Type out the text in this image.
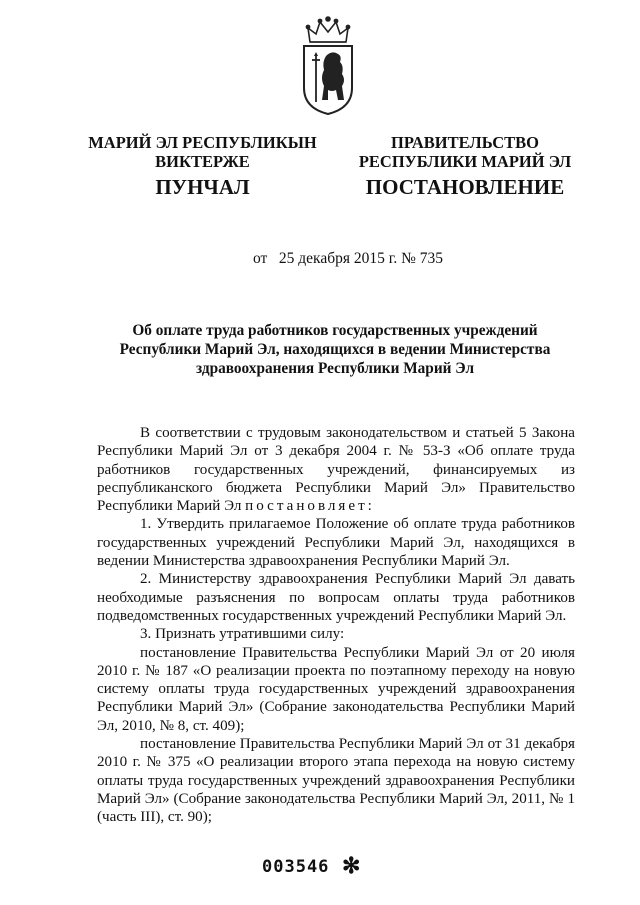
МАРИЙ ЭЛ РЕСПУБЛИКЫН
ВИКТЕРЖЕ
ПРАВИТЕЛЬСТВО
РЕСПУБЛИКИ МАРИЙ ЭЛ
ПУНЧАЛ	ПОСТАНОВЛЕНИЕ
от 25 декабря 2015 г. № 735
Об оплате труда работников государственных учреждений
Республики Марий Эл, находящихся в ведении Министерства
здравоохранения Республики Марий Эл

В соответствии с трудовым законодательством и статьей 5 Закона Республики Марий Эл от 3 декабря 2004 г. № 53-З «Об оплате труда работников государственных учреждений, финансируемых из республиканского бюджета Республики Марий Эл» Правительство Республики Марий Эл постановляет:

1. Утвердить прилагаемое Положение об оплате труда работников государственных учреждений Республики Марий Эл, находящихся в ведении Министерства здравоохранения Республики Марий Эл.

2. Министерству здравоохранения Республики Марий Эл давать необходимые разъяснения по вопросам оплаты труда работников подведомственных государственных учреждений Республики Марий Эл.

3. Признать утратившими силу:

постановление Правительства Республики Марий Эл от 20 июля 2010 г. № 187 «О реализации проекта по поэтапному переходу на новую систему оплаты труда государственных учреждений здравоохранения Республики Марий Эл» (Собрание законодательства Республики Марий Эл, 2010, № 8, ст. 409);

постановление Правительства Республики Марий Эл от 31 декабря 2010 г. № 375 «О реализации второго этапа перехода на новую систему оплаты труда государственных учреждений здравоохранения Республики Марий Эл» (Собрание законодательства Республики Марий Эл, 2011, № 1 (часть III), ст. 90);

003546 ✻
